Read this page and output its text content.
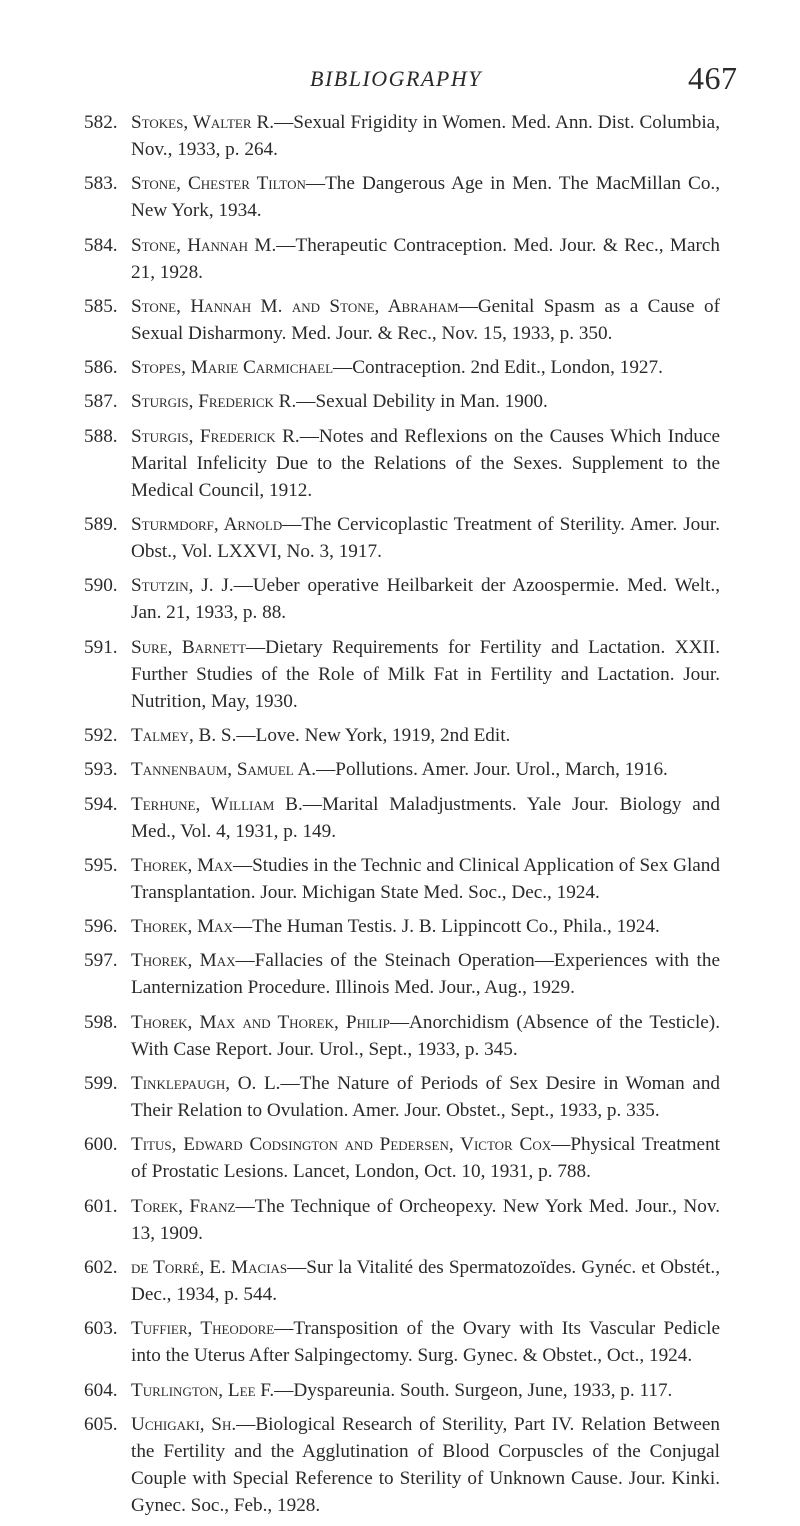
BIBLIOGRAPHY	467

582. Stokes, Walter R.—Sexual Frigidity in Women. Med. Ann. Dist. Columbia, Nov., 1933, p. 264.

583. Stone, Chester Tilton—The Dangerous Age in Men. The MacMillan Co., New York, 1934.

584. Stone, Hannah M.—Therapeutic Contraception. Med. Jour. & Rec., March 21, 1928.

585. Stone, Hannah M. and Stone, Abraham—Genital Spasm as a Cause of Sexual Disharmony. Med. Jour. & Rec., Nov. 15, 1933, p. 350.

586. Stopes, Marie Carmichael—Contraception. 2nd Edit., London, 1927.

587. Sturgis, Frederick R.—Sexual Debility in Man. 1900.

588. Sturgis, Frederick R.—Notes and Reflexions on the Causes Which Induce Marital Infelicity Due to the Relations of the Sexes. Supplement to the Medical Council, 1912.

589. Sturmdorf, Arnold—The Cervicoplastic Treatment of Sterility. Amer. Jour. Obst., Vol. LXXVI, No. 3, 1917.

590. Stutzin, J. J.—Ueber operative Heilbarkeit der Azoospermie. Med. Welt., Jan. 21, 1933, p. 88.

591. Sure, Barnett—Dietary Requirements for Fertility and Lactation. XXII. Further Studies of the Role of Milk Fat in Fertility and Lactation. Jour. Nutrition, May, 1930.

592. Talmey, B. S.—Love. New York, 1919, 2nd Edit.

593. Tannenbaum, Samuel A.—Pollutions. Amer. Jour. Urol., March, 1916.

594. Terhune, William B.—Marital Maladjustments. Yale Jour. Biology and Med., Vol. 4, 1931, p. 149.

595. Thorek, Max—Studies in the Technic and Clinical Application of Sex Gland Transplantation. Jour. Michigan State Med. Soc., Dec., 1924.

596. Thorek, Max—The Human Testis. J. B. Lippincott Co., Phila., 1924.

597. Thorek, Max—Fallacies of the Steinach Operation—Experiences with the Lanternization Procedure. Illinois Med. Jour., Aug., 1929.

598. Thorek, Max and Thorek, Philip—Anorchidism (Absence of the Testicle). With Case Report. Jour. Urol., Sept., 1933, p. 345.

599. Tinklepaugh, O. L.—The Nature of Periods of Sex Desire in Woman and Their Relation to Ovulation. Amer. Jour. Obstet., Sept., 1933, p. 335.

600. Titus, Edward Codsington and Pedersen, Victor Cox—Physical Treatment of Prostatic Lesions. Lancet, London, Oct. 10, 1931, p. 788.

601. Torek, Franz—The Technique of Orcheopexy. New York Med. Jour., Nov. 13, 1909.

602. de Torré, E. Macias—Sur la Vitalité des Spermatozoïdes. Gynéc. et Obstét., Dec., 1934, p. 544.

603. Tuffier, Theodore—Transposition of the Ovary with Its Vascular Pedicle into the Uterus After Salpingectomy. Surg. Gynec. & Obstet., Oct., 1924.

604. Turlington, Lee F.—Dyspareunia. South. Surgeon, June, 1933, p. 117.

605. Uchigaki, Sh.—Biological Research of Sterility, Part IV. Relation Between the Fertility and the Agglutination of Blood Corpuscles of the Conjugal Couple with Special Reference to Sterility of Unknown Cause. Jour. Kinki. Gynec. Soc., Feb., 1928.
